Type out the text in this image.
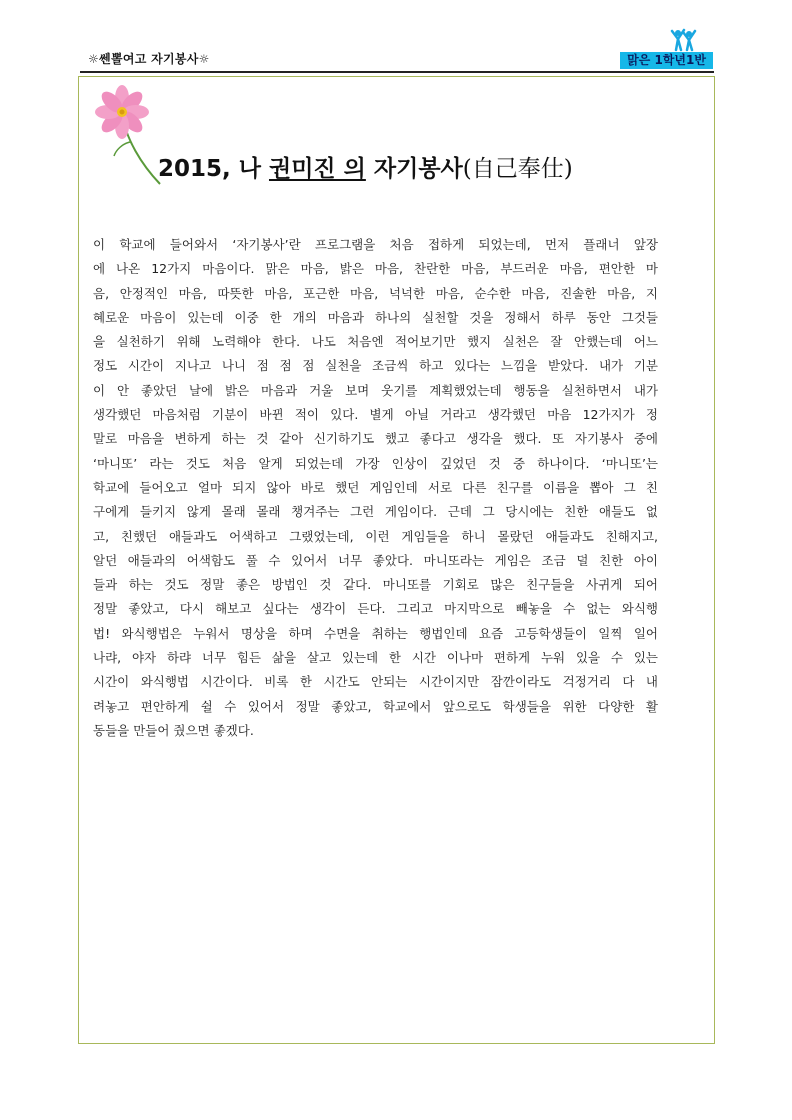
☼쎈뽈여고 자기봉사☼	맑은 1학년1반
2015, 나 권미진 의 자기봉사(自己奉仕)
이 학교에 들어와서 ‘자기봉사’란 프로그램을 처음 접하게 되었는데, 먼저 플래너 앞장
에 나온 12가지 마음이다. 맑은 마음, 밝은 마음, 찬란한 마음, 부드러운 마음, 편안한 마
음, 안정적인 마음, 따뜻한 마음, 포근한 마음, 넉넉한 마음, 순수한 마음, 진솔한 마음, 지
혜로운 마음이 있는데 이중 한 개의 마음과 하나의 실천할 것을 정해서 하루 동안 그것들
을 실천하기 위해 노력해야 한다. 나도 처음엔 적어보기만 했지 실천은 잘 안했는데 어느
정도 시간이 지나고 나니 점 점 점 실천을 조금씩 하고 있다는 느낌을 받았다. 내가 기분
이 안 좋았던 날에 밝은 마음과 거울 보며 웃기를 계획했었는데 행동을 실천하면서 내가
생각했던 마음처럼 기분이 바뀐 적이 있다. 별게 아닐 거라고 생각했던 마음 12가지가 정
말로 마음을 변하게 하는 것 같아 신기하기도 했고 좋다고 생각을 했다. 또 자기봉사 중에
‘마니또’ 라는 것도 처음 알게 되었는데 가장 인상이 깊었던 것 중 하나이다. ‘마니또’는
학교에 들어오고 얼마 되지 않아 바로 했던 게임인데 서로 다른 친구를 이름을 뽑아 그 친
구에게 들키지 않게 몰래 몰래 챙겨주는 그런 게임이다. 근데 그 당시에는 친한 애들도 없
고, 친했던 애들과도 어색하고 그랬었는데, 이런 게임들을 하니 몰랐던 애들과도 친해지고,
알던 애들과의 어색함도 풀 수 있어서 너무 좋았다. 마니또라는 게임은 조금 덜 친한 아이
들과 하는 것도 정말 좋은 방법인 것 같다. 마니또를 기회로 많은 친구들을 사귀게 되어
정말 좋았고, 다시 해보고 싶다는 생각이 든다. 그리고 마지막으로 빼놓을 수 없는 와식행
법! 와식행법은 누워서 명상을 하며 수면을 취하는 행법인데 요즘 고등학생들이 일찍 일어
나랴, 야자 하랴 너무 힘든 삶을 살고 있는데 한 시간 이나마 편하게 누워 있을 수 있는
시간이 와식행법 시간이다. 비록 한 시간도 안되는 시간이지만 잠깐이라도 걱정거리 다 내
려놓고 편안하게 쉴 수 있어서 정말 좋았고, 학교에서 앞으로도 학생들을 위한 다양한 활
동들을 만들어 줬으면 좋겠다.
